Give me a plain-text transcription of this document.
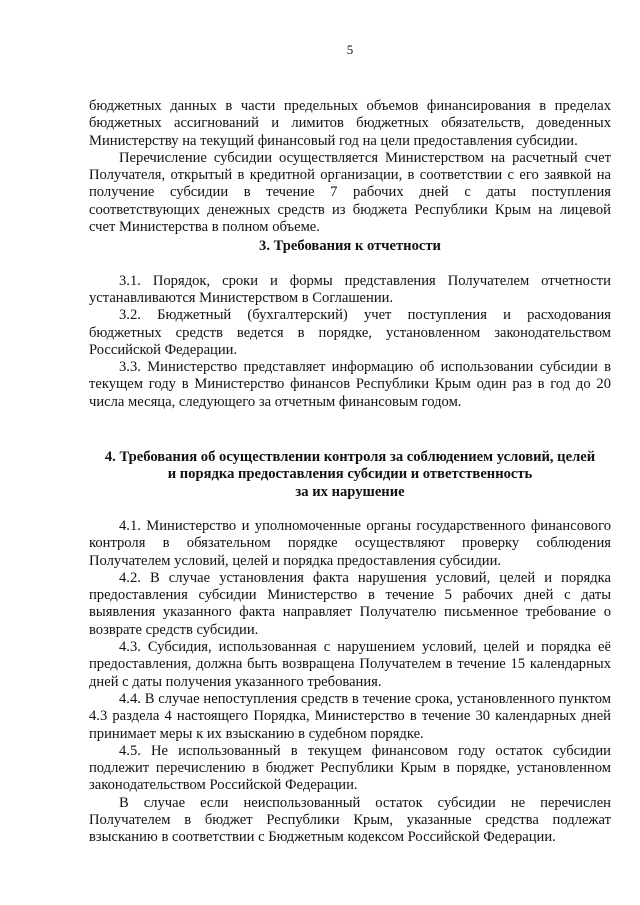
5

бюджетных данных в части предельных объемов финансирования в пределах бюджетных ассигнований и лимитов бюджетных обязательств, доведенных Министерству на текущий финансовый год на цели предоставления субсидии.

Перечисление субсидии осуществляется Министерством на расчетный счет Получателя, открытый в кредитной организации, в соответствии с его заявкой на получение субсидии в течение 7 рабочих дней с даты поступления соответствующих денежных средств из бюджета Республики Крым на лицевой счет Министерства в полном объеме.

3. Требования к отчетности

3.1. Порядок, сроки и формы представления Получателем отчетности устанавливаются Министерством в Соглашении.

3.2. Бюджетный (бухгалтерский) учет поступления и расходования бюджетных средств ведется в порядке, установленном законодательством Российской Федерации.

3.3. Министерство представляет информацию об использовании субсидии в текущем году в Министерство финансов Республики Крым один раз в год до 20 числа месяца, следующего за отчетным финансовым годом.

4. Требования об осуществлении контроля за соблюдением условий, целей
и порядка предоставления субсидии и ответственность
за их нарушение

4.1. Министерство и уполномоченные органы государственного финансового контроля в обязательном порядке осуществляют проверку соблюдения Получателем условий, целей и порядка предоставления субсидии.

4.2. В случае установления факта нарушения условий, целей и порядка предоставления субсидии Министерство в течение 5 рабочих дней с даты выявления указанного факта направляет Получателю письменное требование о возврате средств субсидии.

4.3. Субсидия, использованная с нарушением условий, целей и порядка её предоставления, должна быть возвращена Получателем в течение 15 календарных дней с даты получения указанного требования.

4.4. В случае непоступления средств в течение срока, установленного пунктом 4.3 раздела 4 настоящего Порядка, Министерство в течение 30 календарных дней принимает меры к их взысканию в судебном порядке.

4.5. Не использованный в текущем финансовом году остаток субсидии подлежит перечислению в бюджет Республики Крым в порядке, установленном законодательством Российской Федерации.

В случае если неиспользованный остаток субсидии не перечислен Получателем в бюджет Республики Крым, указанные средства подлежат взысканию в соответствии с Бюджетным кодексом Российской Федерации.
